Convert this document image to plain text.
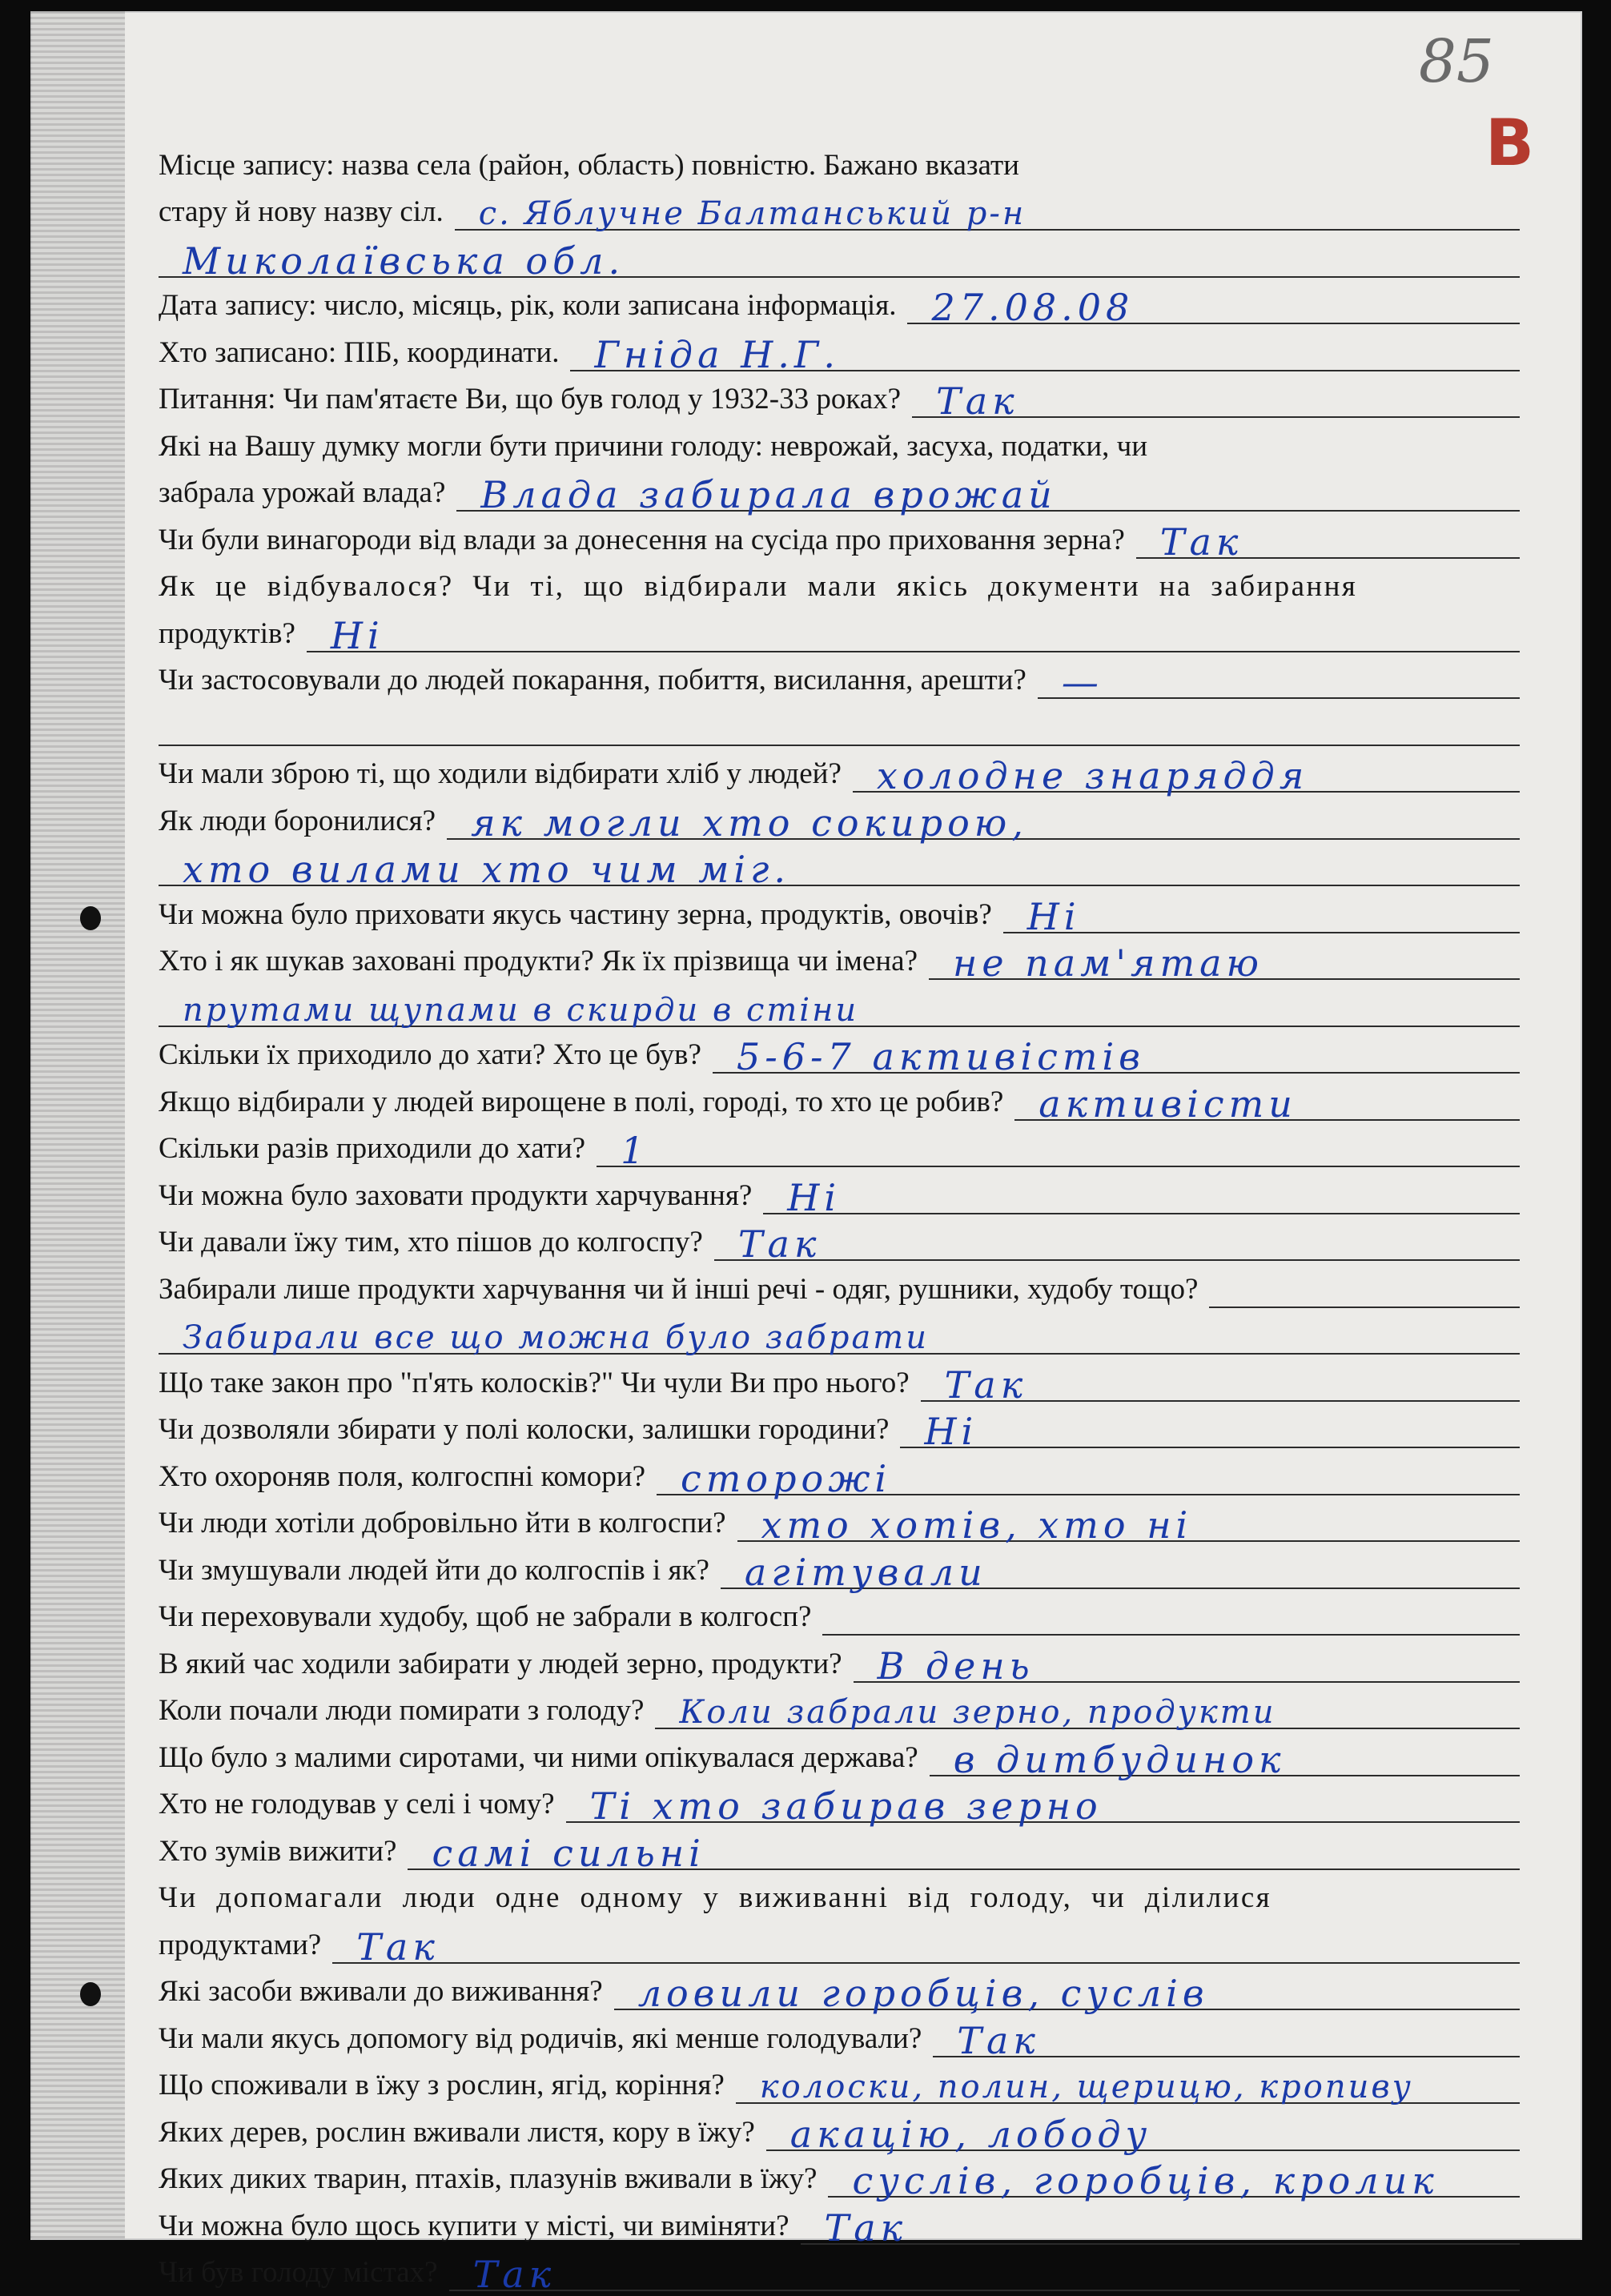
85
В
Місце запису: назва села (район, область) повністю. Бажано вказати
стару й нову назву сіл. с. Яблучне Балтанський р-н
Миколаївська обл.
Дата запису: число, місяць, рік, коли записана інформація. 27.08.08
Хто записано: ПІБ, координати. Гніда Н.Г.
Питання: Чи пам'ятаєте Ви, що був голод у 1932-33 роках? Так
Які на Вашу думку могли бути причини голоду: неврожай, засуха, податки, чи
забрала урожай влада? Влада забирала врожай
Чи були винагороди від влади за донесення на сусіда про приховання зерна? Так
Як це відбувалося? Чи ті, що відбирали мали якісь документи на забирання
продуктів? Ні
Чи застосовували до людей покарання, побиття, висилання, арешти? —
Чи мали зброю ті, що ходили відбирати хліб у людей? холодне знаряддя
Як люди боронилися? як могли хто сокирою,
хто вилами хто чим міг.
Чи можна було приховати якусь частину зерна, продуктів, овочів? Ні
Хто і як шукав заховані продукти? Як їх прізвища чи імена? не пам'ятаю
прутами щупами в скирди в стіни
Скільки їх приходило до хати? Хто це був? 5-6-7 активістів
Якщо відбирали у людей вирощене в полі, городі, то хто це робив? активісти
Скільки разів приходили до хати? 1
Чи можна було заховати продукти харчування? Ні
Чи давали їжу тим, хто пішов до колгоспу? Так
Забирали лише продукти харчування чи й інші речі - одяг, рушники, худобу тощо?
Забирали все що можна було забрати
Що таке закон про "п'ять колосків?" Чи чули Ви про нього? Так
Чи дозволяли збирати у полі колоски, залишки городини? Ні
Хто охороняв поля, колгоспні комори? сторожі
Чи люди хотіли добровільно йти в колгоспи? хто хотів, хто ні
Чи змушували людей йти до колгоспів і як? агітували
Чи переховували худобу, щоб не забрали в колгосп?
В який час ходили забирати у людей зерно, продукти? В день
Коли почали люди помирати з голоду? Коли забрали зерно, продукти
Що було з малими сиротами, чи ними опікувалася держава? в дитбудинок
Хто не голодував у селі і чому? Ті хто забирав зерно
Хто зумів вижити? самі сильні
Чи допомагали люди одне одному у виживанні від голоду, чи ділилися
продуктами? Так
Які засоби вживали до виживання? ловили горобців, суслів
Чи мали якусь допомогу від родичів, які менше голодували? Так
Що споживали в їжу з рослин, ягід, коріння? колоски, полин, щерицю, кропиву
Яких дерев, рослин вживали листя, кору в їжу? акацію, лободу
Яких диких тварин, птахів, плазунів вживали в їжу? суслів, горобців, кролик
Чи можна було щось купити у місті, чи виміняти? Так
Чи був голоду містах? Так
